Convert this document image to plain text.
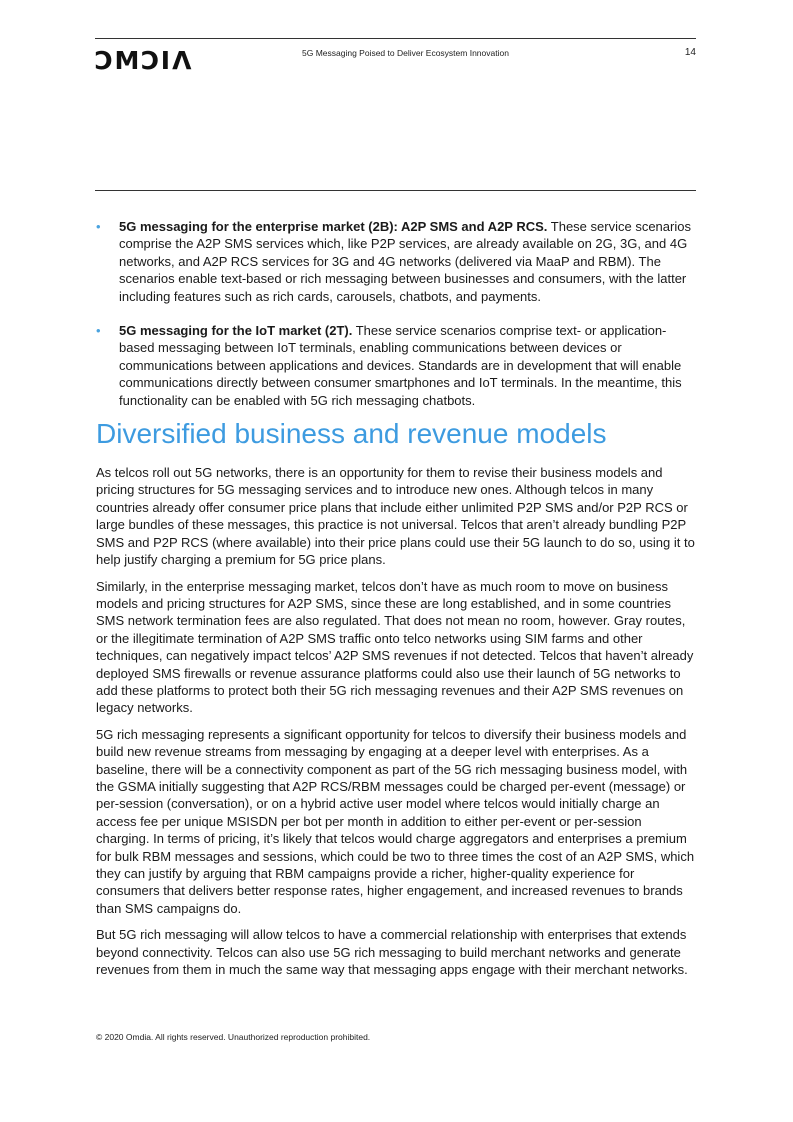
ϽMϽIΛ	5G Messaging Poised to Deliver Ecosystem Innovation	14
• 5G messaging for the enterprise market (2B): A2P SMS and A2P RCS. These service scenarios comprise the A2P SMS services which, like P2P services, are already available on 2G, 3G, and 4G networks, and A2P RCS services for 3G and 4G networks (delivered via MaaP and RBM). The scenarios enable text-based or rich messaging between businesses and consumers, with the latter including features such as rich cards, carousels, chatbots, and payments.
• 5G messaging for the IoT market (2T). These service scenarios comprise text- or application-based messaging between IoT terminals, enabling communications between devices or communications between applications and devices. Standards are in development that will enable communications directly between consumer smartphones and IoT terminals. In the meantime, this functionality can be enabled with 5G rich messaging chatbots.
Diversified business and revenue models

As telcos roll out 5G networks, there is an opportunity for them to revise their business models and pricing structures for 5G messaging services and to introduce new ones. Although telcos in many countries already offer consumer price plans that include either unlimited P2P SMS and/or P2P RCS or large bundles of these messages, this practice is not universal. Telcos that aren’t already bundling P2P SMS and P2P RCS (where available) into their price plans could use their 5G launch to do so, using it to help justify charging a premium for 5G price plans.

Similarly, in the enterprise messaging market, telcos don’t have as much room to move on business models and pricing structures for A2P SMS, since these are long established, and in some countries SMS network termination fees are also regulated. That does not mean no room, however. Gray routes, or the illegitimate termination of A2P SMS traffic onto telco networks using SIM farms and other techniques, can negatively impact telcos’ A2P SMS revenues if not detected. Telcos that haven’t already deployed SMS firewalls or revenue assurance platforms could also use their launch of 5G networks to add these platforms to protect both their 5G rich messaging revenues and their A2P SMS revenues on legacy networks.

5G rich messaging represents a significant opportunity for telcos to diversify their business models and build new revenue streams from messaging by engaging at a deeper level with enterprises. As a baseline, there will be a connectivity component as part of the 5G rich messaging business model, with the GSMA initially suggesting that A2P RCS/RBM messages could be charged per-event (message) or per-session (conversation), or on a hybrid active user model where telcos would initially charge an access fee per unique MSISDN per bot per month in addition to either per-event or per-session charging. In terms of pricing, it’s likely that telcos would charge aggregators and enterprises a premium for bulk RBM messages and sessions, which could be two to three times the cost of an A2P SMS, which they can justify by arguing that RBM campaigns provide a richer, higher-quality experience for consumers that delivers better response rates, higher engagement, and increased revenues to brands than SMS campaigns do.

But 5G rich messaging will allow telcos to have a commercial relationship with enterprises that extends beyond connectivity. Telcos can also use 5G rich messaging to build merchant networks and generate revenues from them in much the same way that messaging apps engage with their merchant networks.

© 2020 Omdia. All rights reserved. Unauthorized reproduction prohibited.
